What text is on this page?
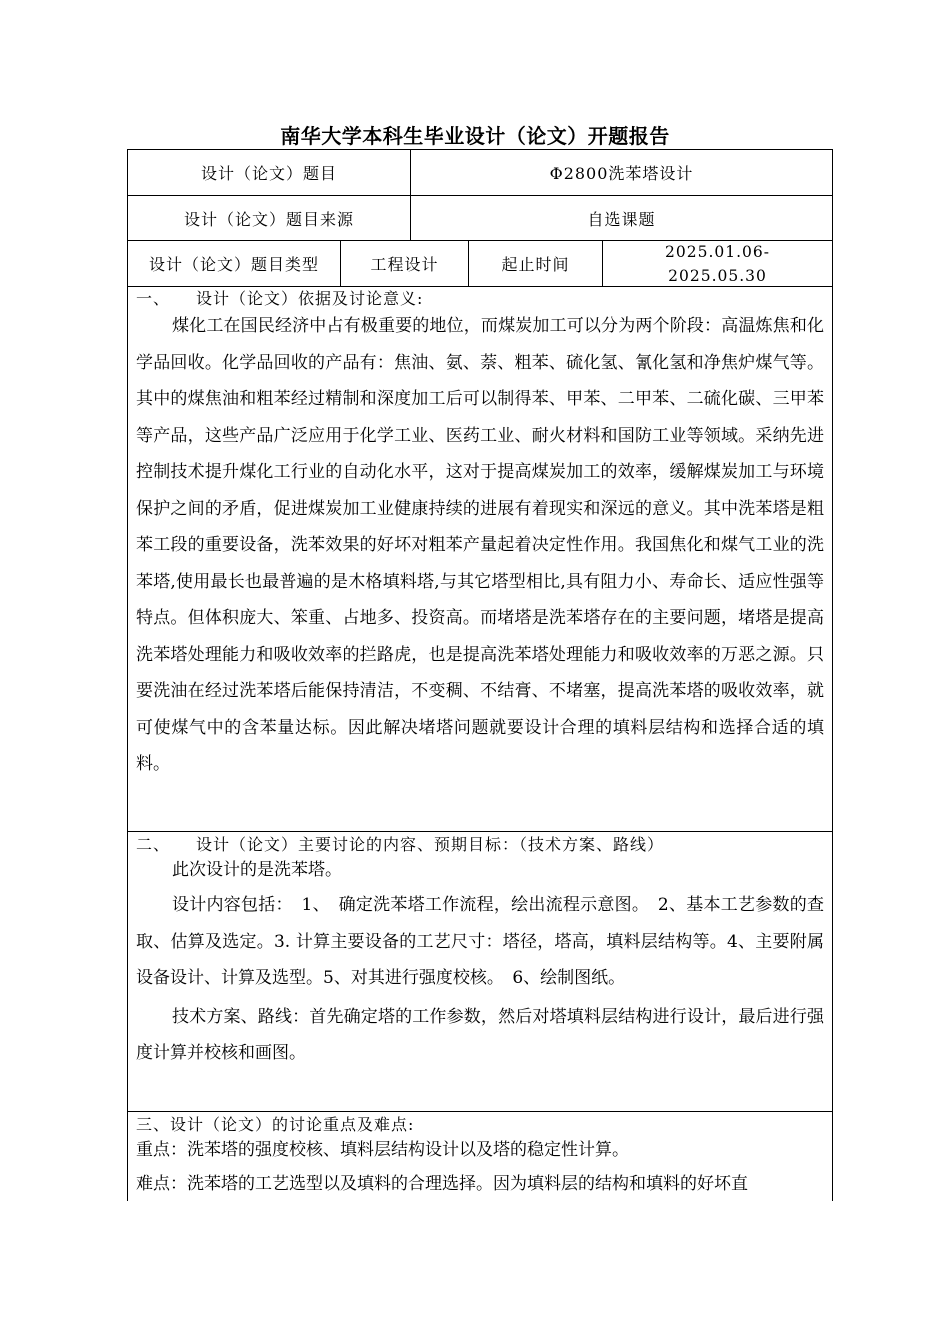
南华大学本科生毕业设计（论文）开题报告
设计（论文）题目	Φ2800洗苯塔设计
设计（论文）题目来源	自选课题
设计（论文）题目类型	工程设计	起止时间
2025.01.06-
2025.05.30
一、　　设计（论文）依据及讨论意义:

煤化工在国民经济中占有极重要的地位，而煤炭加工可以分为两个阶段：高温炼焦和化学品回收。化学品回收的产品有：焦油、氨、萘、粗苯、硫化氢、氰化氢和净焦炉煤气等。其中的煤焦油和粗苯经过精制和深度加工后可以制得苯、甲苯、二甲苯、二硫化碳、三甲苯等产品，这些产品广泛应用于化学工业、医药工业、耐火材料和国防工业等领域。采纳先进控制技术提升煤化工行业的自动化水平，这对于提高煤炭加工的效率，缓解煤炭加工与环境保护之间的矛盾，促进煤炭加工业健康持续的进展有着现实和深远的意义。其中洗苯塔是粗苯工段的重要设备，洗苯效果的好坏对粗苯产量起着决定性作用。我国焦化和煤气工业的洗苯塔,使用最长也最普遍的是木格填料塔,与其它塔型相比,具有阻力小、寿命长、适应性强等特点。但体积庞大、笨重、占地多、投资高。而堵塔是洗苯塔存在的主要问题，堵塔是提高洗苯塔处理能力和吸收效率的拦路虎，也是提高洗苯塔处理能力和吸收效率的万恶之源。只要洗油在经过洗苯塔后能保持清洁，不变稠、不结膏、不堵塞，提高洗苯塔的吸收效率，就可使煤气中的含苯量达标。因此解决堵塔问题就要设计合理的填料层结构和选择合适的填料。

二、　　设计（论文）主要讨论的内容、预期目标：（技术方案、路线）

此次设计的是洗苯塔。

设计内容包括：　1、　确定洗苯塔工作流程，绘出流程示意图。　2、基本工艺参数的查取、估算及选定。3. 计算主要设备的工艺尺寸：塔径，塔高，填料层结构等。4、主要附属设备设计、计算及选型。5、对其进行强度校核。　6、绘制图纸。

技术方案、路线：首先确定塔的工作参数，然后对塔填料层结构进行设计，最后进行强度计算并校核和画图。

三、设计（论文）的讨论重点及难点:

重点：洗苯塔的强度校核、填料层结构设计以及塔的稳定性计算。

难点：洗苯塔的工艺选型以及填料的合理选择。因为填料层的结构和填料的好坏直
